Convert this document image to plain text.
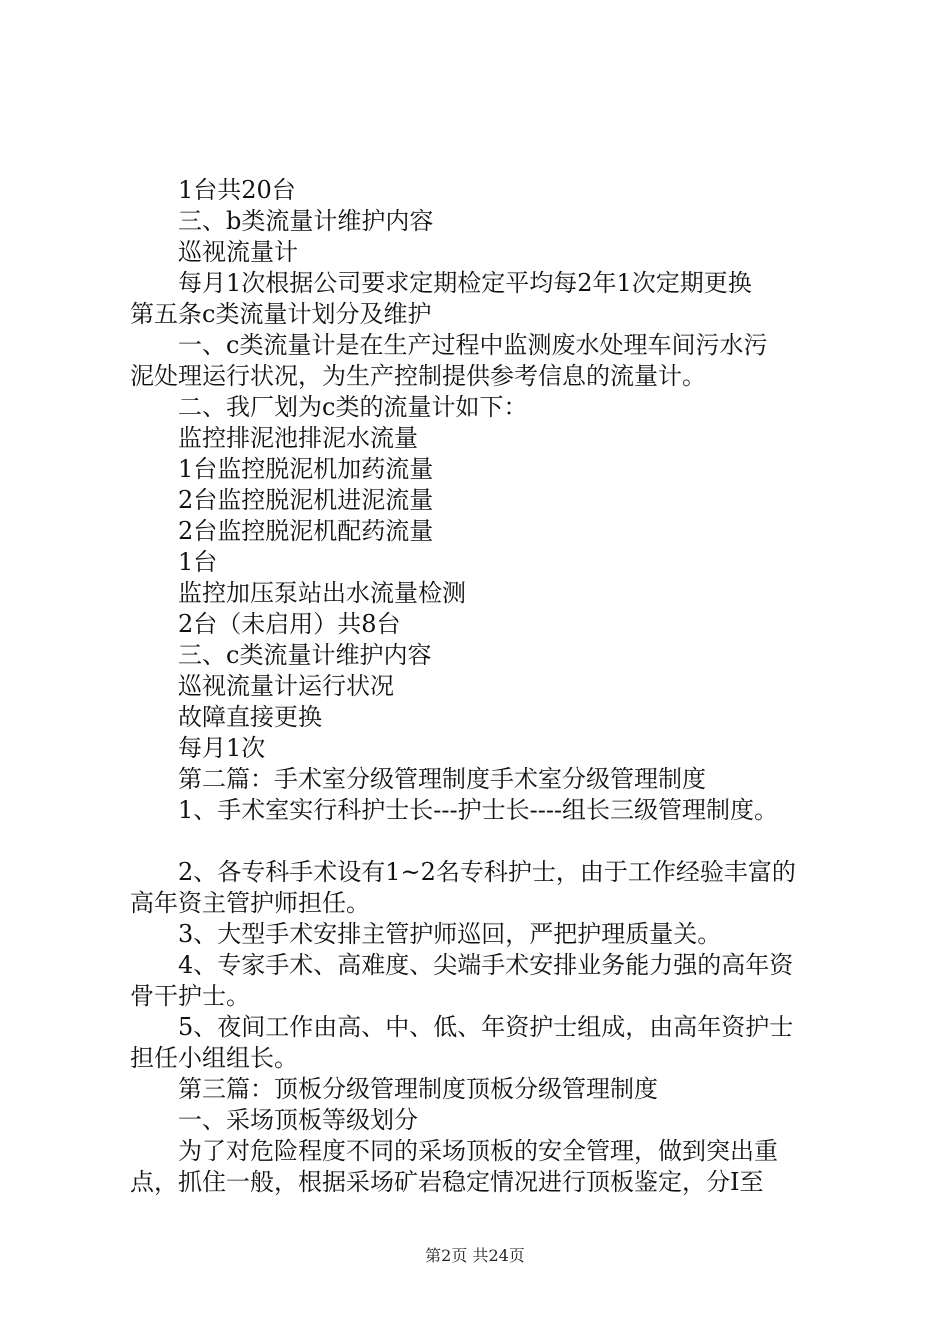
1台共20台
三、b类流量计维护内容
巡视流量计
每月1次根据公司要求定期检定平均每2年1次定期更换
第五条c类流量计划分及维护
一、c类流量计是在生产过程中监测废水处理车间污水污
泥处理运行状况，为生产控制提供参考信息的流量计。
二、我厂划为c类的流量计如下：
监控排泥池排泥水流量
1台监控脱泥机加药流量
2台监控脱泥机进泥流量
2台监控脱泥机配药流量
1台
监控加压泵站出水流量检测
2台（未启用）共8台
三、c类流量计维护内容
巡视流量计运行状况
故障直接更换
每月1次
第二篇：手术室分级管理制度手术室分级管理制度
1、手术室实行科护士长---护士长----组长三级管理制度。
2、各专科手术设有1~2名专科护士，由于工作经验丰富的
高年资主管护师担任。
3、大型手术安排主管护师巡回，严把护理质量关。
4、专家手术、高难度、尖端手术安排业务能力强的高年资
骨干护士。
5、夜间工作由高、中、低、年资护士组成，由高年资护士
担任小组组长。
第三篇：顶板分级管理制度顶板分级管理制度
一、采场顶板等级划分
为了对危险程度不同的采场顶板的安全管理，做到突出重
点，抓住一般，根据采场矿岩稳定情况进行顶板鉴定，分Ⅰ至
第2页 共24页
